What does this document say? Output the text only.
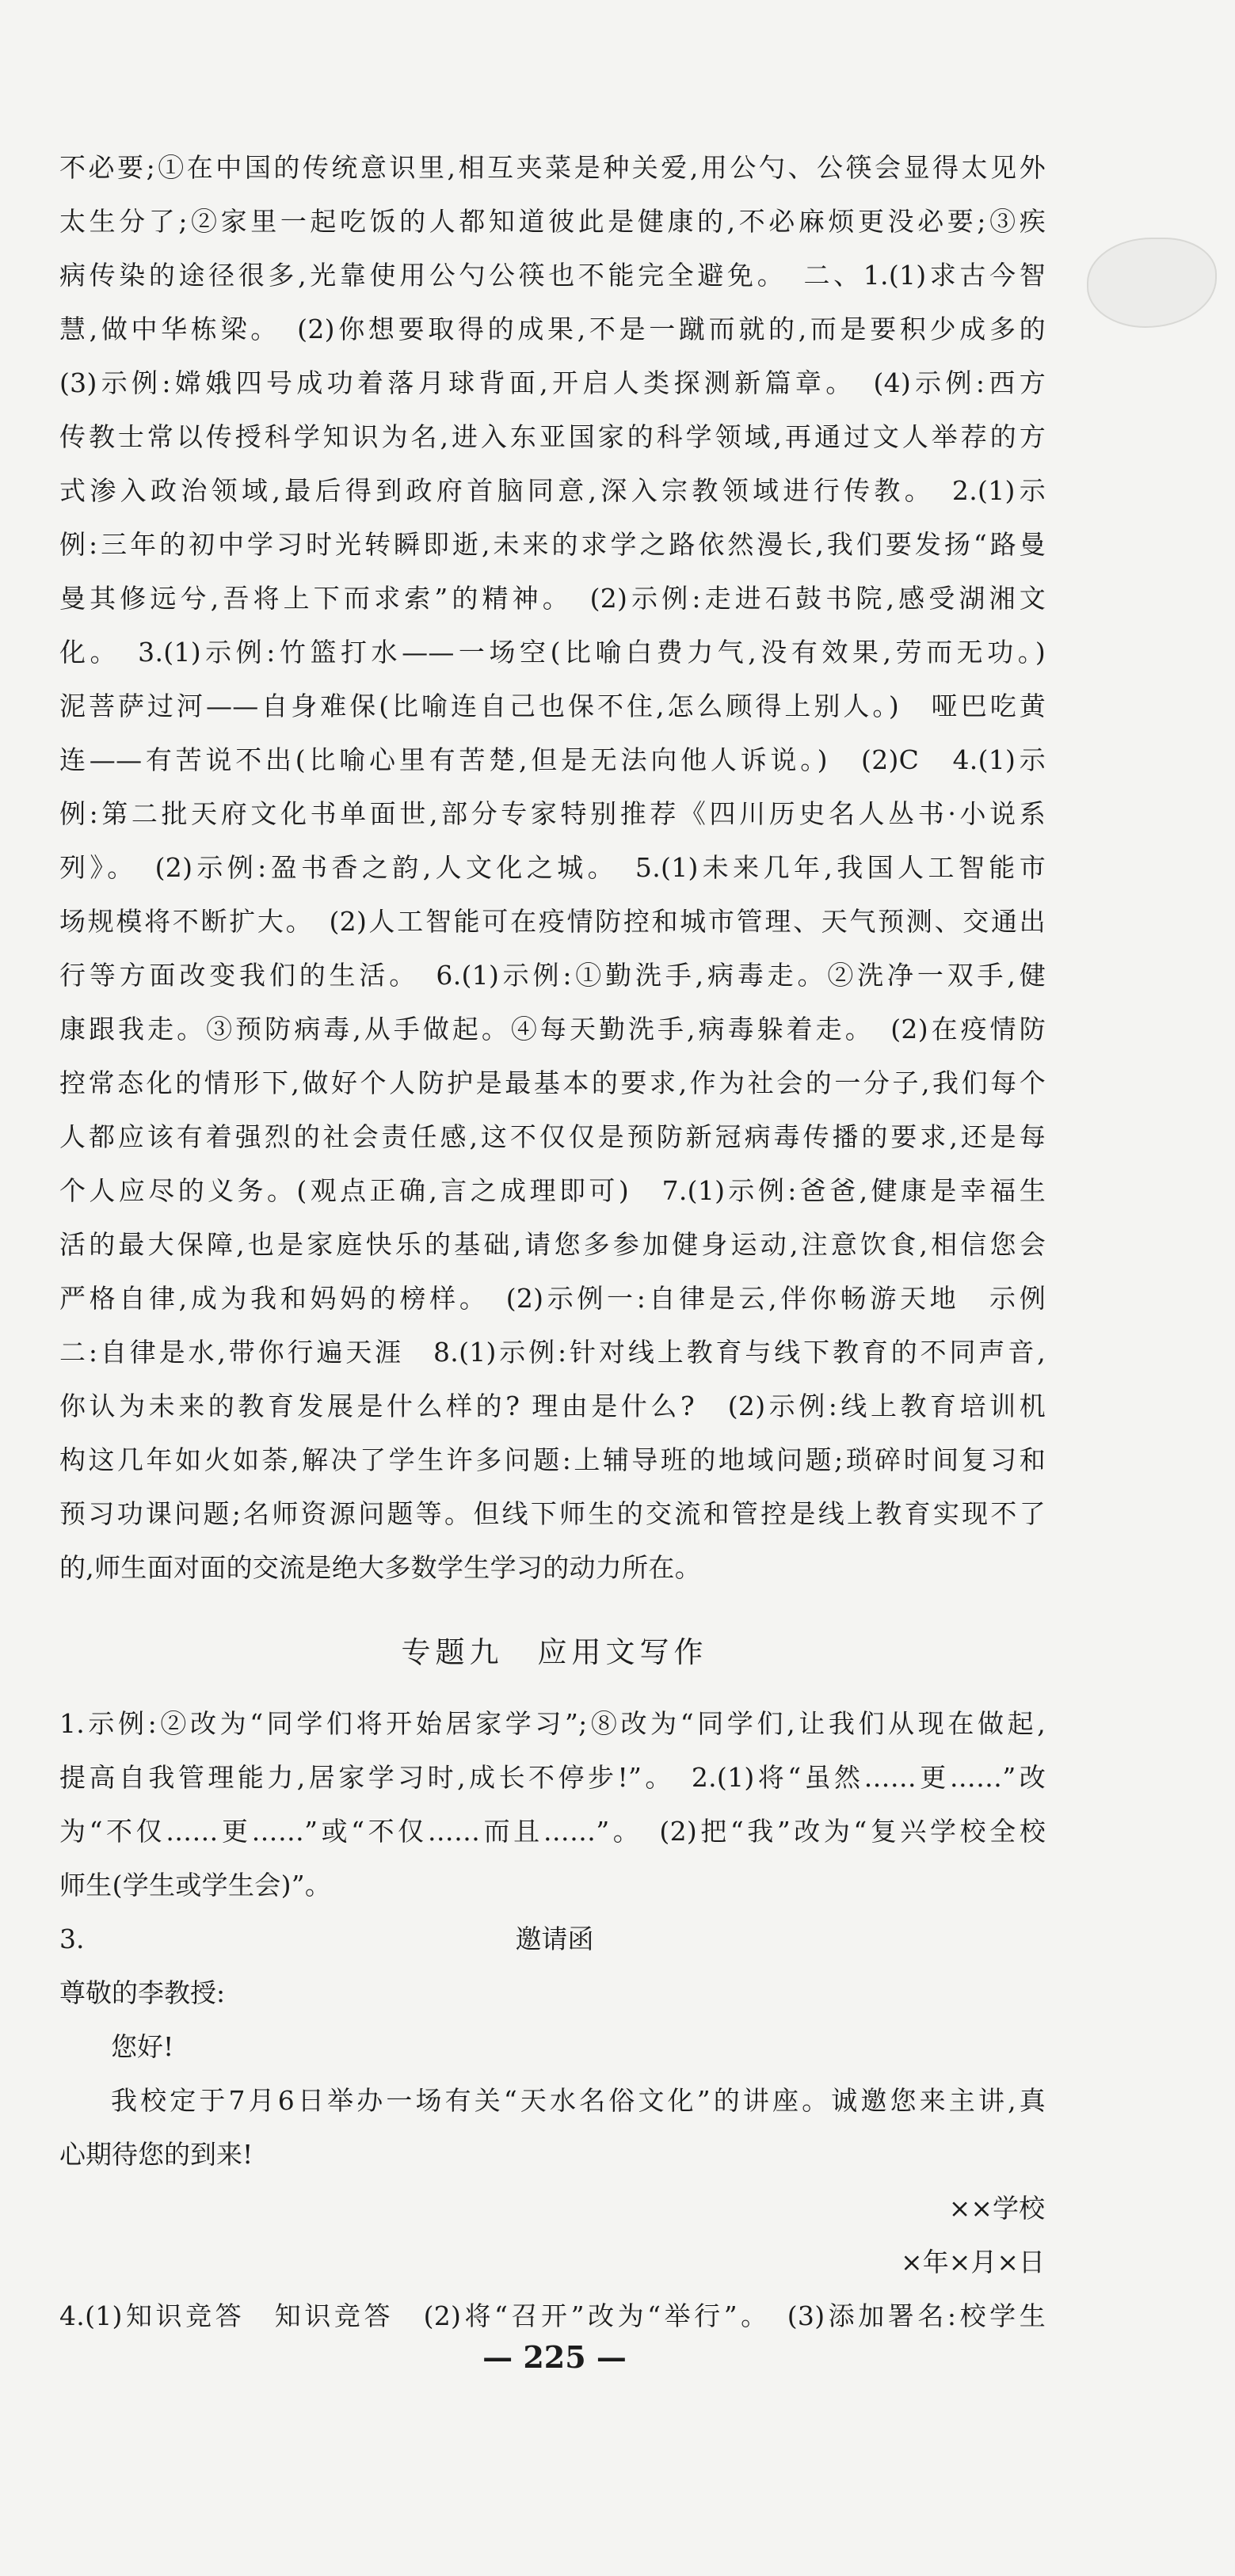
不必要;①在中国的传统意识里,相互夹菜是种关爱,用公勺、公筷会显得太见外
太生分了;②家里一起吃饭的人都知道彼此是健康的,不必麻烦更没必要;③疾
病传染的途径很多,光靠使用公勺公筷也不能完全避免。　二、1.(1)求古今智
慧,做中华栋梁。　(2)你想要取得的成果,不是一蹴而就的,而是要积少成多的
(3)示例:嫦娥四号成功着落月球背面,开启人类探测新篇章。　(4)示例:西方
传教士常以传授科学知识为名,进入东亚国家的科学领域,再通过文人举荐的方
式渗入政治领域,最后得到政府首脑同意,深入宗教领域进行传教。　2.(1)示
例:三年的初中学习时光转瞬即逝,未来的求学之路依然漫长,我们要发扬“路曼
曼其修远兮,吾将上下而求索”的精神。　(2)示例:走进石鼓书院,感受湖湘文
化。　3.(1)示例:竹篮打水——一场空(比喻白费力气,没有效果,劳而无功。)
泥菩萨过河——自身难保(比喻连自己也保不住,怎么顾得上别人。)　哑巴吃黄
连——有苦说不出(比喻心里有苦楚,但是无法向他人诉说。)　(2)C　4.(1)示
例:第二批天府文化书单面世,部分专家特别推荐《四川历史名人丛书·小说系
列》。　(2)示例:盈书香之韵,人文化之城。　5.(1)未来几年,我国人工智能市
场规模将不断扩大。　(2)人工智能可在疫情防控和城市管理、天气预测、交通出
行等方面改变我们的生活。　6.(1)示例:①勤洗手,病毒走。②洗净一双手,健
康跟我走。③预防病毒,从手做起。④每天勤洗手,病毒躲着走。　(2)在疫情防
控常态化的情形下,做好个人防护是最基本的要求,作为社会的一分子,我们每个
人都应该有着强烈的社会责任感,这不仅仅是预防新冠病毒传播的要求,还是每
个人应尽的义务。(观点正确,言之成理即可)　7.(1)示例:爸爸,健康是幸福生
活的最大保障,也是家庭快乐的基础,请您多参加健身运动,注意饮食,相信您会
严格自律,成为我和妈妈的榜样。　(2)示例一:自律是云,伴你畅游天地　示例
二:自律是水,带你行遍天涯　8.(1)示例:针对线上教育与线下教育的不同声音,
你认为未来的教育发展是什么样的? 理由是什么?　(2)示例:线上教育培训机
构这几年如火如荼,解决了学生许多问题:上辅导班的地域问题;琐碎时间复习和
预习功课问题;名师资源问题等。但线下师生的交流和管控是线上教育实现不了
的,师生面对面的交流是绝大多数学生学习的动力所在。
专题九　应用文写作
1.示例:②改为“同学们将开始居家学习”;⑧改为“同学们,让我们从现在做起,
提高自我管理能力,居家学习时,成长不停步!”。　2.(1)将“虽然……更……”改
为“不仅……更……”或“不仅……而且……”。　(2)把“我”改为“复兴学校全校
师生(学生或学生会)”。
3.	邀请函
尊敬的李教授:
您好!
我校定于7月6日举办一场有关“天水名俗文化”的讲座。诚邀您来主讲,真
心期待您的到来!
××学校
×年×月×日
4.(1)知识竞答　知识竞答　(2)将“召开”改为“举行”。　(3)添加署名:校学生
— 225 —
